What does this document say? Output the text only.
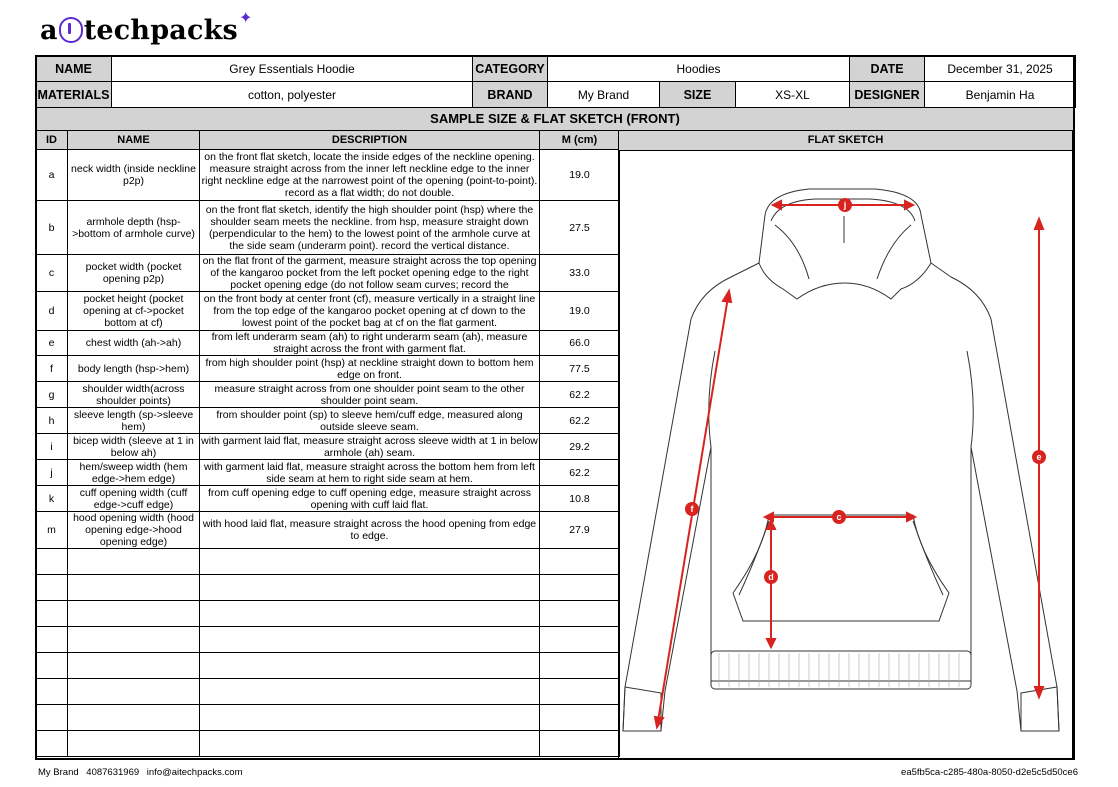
a techpacks ✦
NAME	Grey Essentials Hoodie	CATEGORY	Hoodies			DATE	December 31, 2025
MATERIALS	cotton, polyester	BRAND	My Brand	SIZE	XS-XL	DESIGNER	Benjamin Ha
SAMPLE SIZE & FLAT SKETCH (FRONT)
ID	NAME	DESCRIPTION	M (cm)
a	neck width (inside neckline p2p)	on the front flat sketch, locate the inside edges of the neckline opening. measure straight across from the inner left neckline edge to the inner right neckline edge at the narrowest point of the opening (point-to-point). record as a flat width; do not double.	19.0
b	armhole depth (hsp->bottom of armhole curve)	on the front flat sketch, identify the high shoulder point (hsp) where the shoulder seam meets the neckline. from hsp, measure straight down (perpendicular to the hem) to the lowest point of the armhole curve at the side seam (underarm point). record the vertical distance.	27.5
c	pocket width (pocket opening p2p)	on the flat front of the garment, measure straight across the top opening of the kangaroo pocket from the left pocket opening edge to the right pocket opening edge (do not follow seam curves; record the	33.0
d	pocket height (pocket opening at cf->pocket bottom at cf)	on the front body at center front (cf), measure vertically in a straight line from the top edge of the kangaroo pocket opening at cf down to the lowest point of the pocket bag at cf on the flat garment.	19.0
e	chest width (ah->ah)	from left underarm seam (ah) to right underarm seam (ah), measure straight across the front with garment flat.	66.0
f	body length (hsp->hem)	from high shoulder point (hsp) at neckline straight down to bottom hem edge on front.	77.5
g	shoulder width(across shoulder points)	measure straight across from one shoulder point seam to the other shoulder point seam.	62.2
h	sleeve length (sp->sleeve hem)	from shoulder point (sp) to sleeve hem/cuff edge, measured along outside sleeve seam.	62.2
i	bicep width (sleeve at 1 in below ah)	with garment laid flat, measure straight across sleeve width at 1 in below armhole (ah) seam.	29.2
j	hem/sweep width (hem edge->hem edge)	with garment laid flat, measure straight across the bottom hem from left side seam at hem to right side seam at hem.	62.2
k	cuff opening width (cuff edge->cuff edge)	from cuff opening edge to cuff opening edge, measure straight across opening with cuff laid flat.	10.8
m	hood opening width (hood opening edge->hood opening edge)	with hood laid flat, measure straight across the hood opening from edge to edge.	27.9

FLAT SKETCH
j
c
d
f
e
My Brand 4087631969 info@aitechpacks.com	ea5fb5ca-c285-480a-8050-d2e5c5d50ce6
